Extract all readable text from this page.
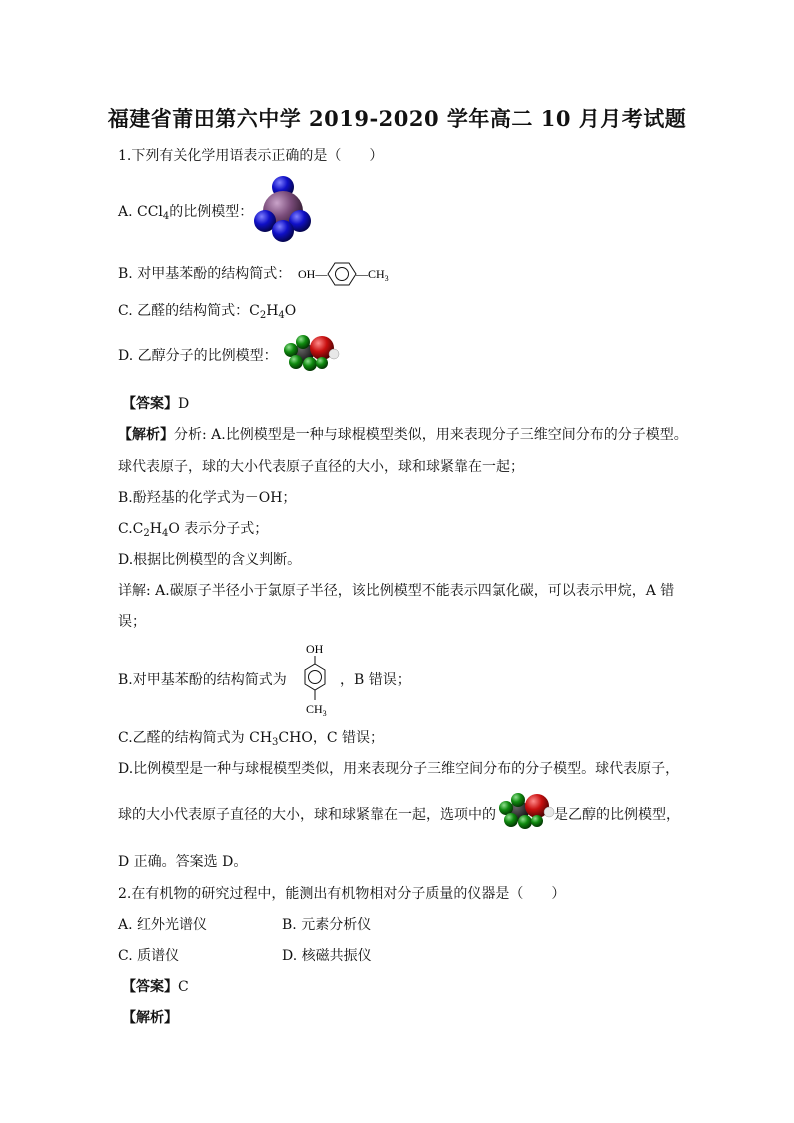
福建省莆田第六中学 2019-2020 学年高二 10 月月考试题
1.下列有关化学用语表示正确的是（　　）
A. CCl$_4$的比例模型：
B. 对甲基苯酚的结构简式： OH— $—CH_3$
C. 乙醛的结构简式：$C_2H_4O$
D. 乙醇分子的比例模型：
【答案】D
【解析】分析: A.比例模型是一种与球棍模型类似，用来表现分子三维空间分布的分子模型。
球代表原子，球的大小代表原子直径的大小，球和球紧靠在一起；
B.酚羟基的化学式为－OH；
$C.C_2H_4O$ 表示分子式；
D.根据比例模型的含义判断。
详解: A.碳原子半径小于氯原子半径，该比例模型不能表示四氯化碳，可以表示甲烷，A 错
误；
B.对甲基苯酚的结构简式为
OH
$CH_3$
，B 错误；
C.乙醛的结构简式为 $CH_3CHO$，C 错误；
D.比例模型是一种与球棍模型类似，用来表现分子三维空间分布的分子模型。球代表原子，
球的大小代表原子直径的大小，球和球紧靠在一起，选项中的	是乙醇的比例模型，
D 正确。答案选 D。
2.在有机物的研究过程中，能测出有机物相对分子质量的仪器是（　　）
A. 红外光谱仪	B. 元素分析仪
C. 质谱仪	D. 核磁共振仪
【答案】C
【解析】
